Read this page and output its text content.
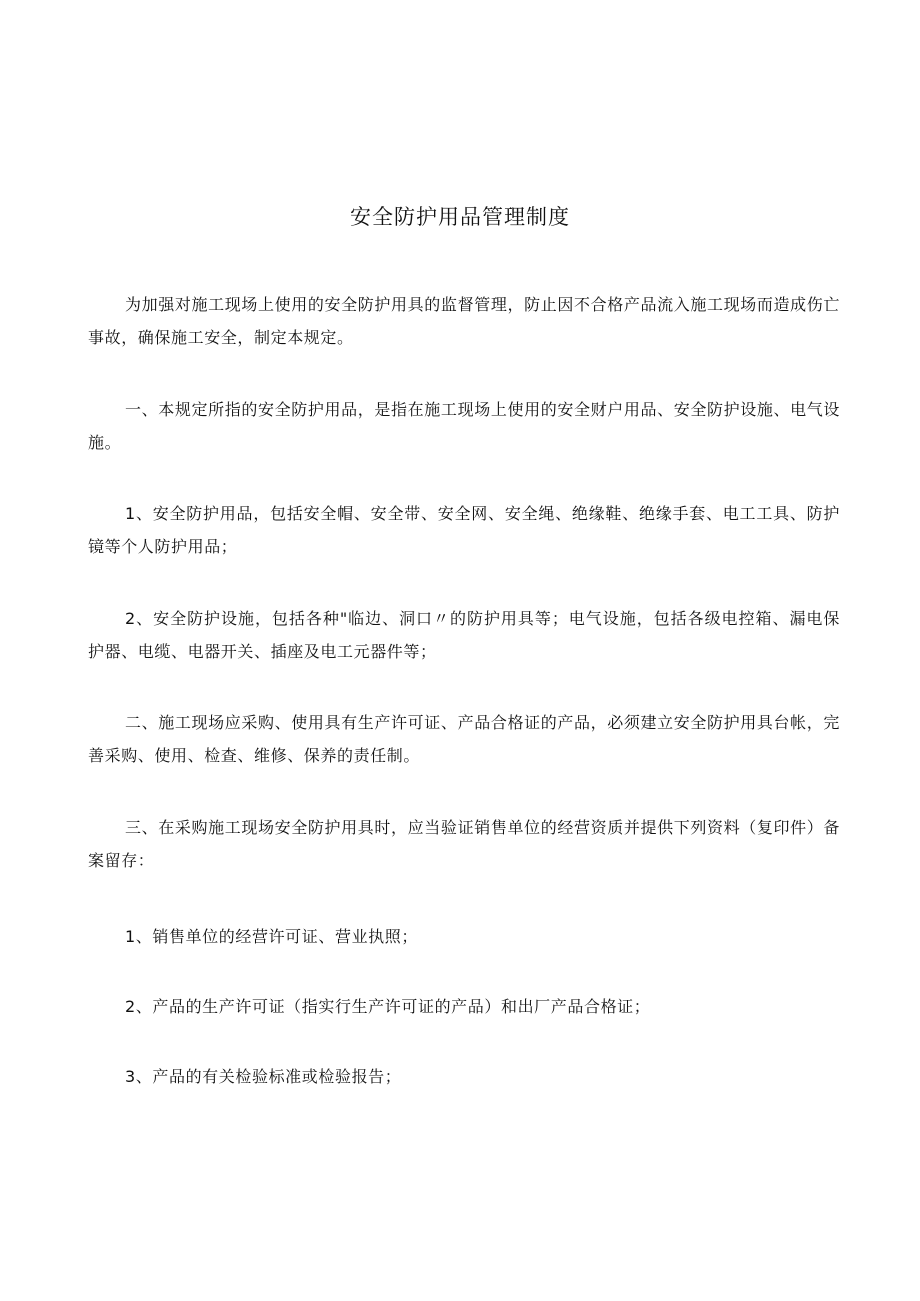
安全防护用品管理制度

为加强对施工现场上使用的安全防护用具的监督管理，防止因不合格产品流入施工现场而造成伤亡事故，确保施工安全，制定本规定。

一、本规定所指的安全防护用品，是指在施工现场上使用的安全财户用品、安全防护设施、电气设施。

1、安全防护用品，包括安全帽、安全带、安全网、安全绳、绝缘鞋、绝缘手套、电工工具、防护镜等个人防护用品；

2、安全防护设施，包括各种"临边、洞口〃的防护用具等；电气设施，包括各级电控箱、漏电保护器、电缆、电器开关、插座及电工元器件等；

二、施工现场应采购、使用具有生产许可证、产品合格证的产品，必须建立安全防护用具台帐，完善采购、使用、检查、维修、保养的责任制。

三、在采购施工现场安全防护用具时，应当验证销售单位的经营资质并提供下列资料（复印件）备案留存：

1、销售单位的经营许可证、营业执照；

2、产品的生产许可证（指实行生产许可证的产品）和出厂产品合格证；

3、产品的有关检验标准或检验报告；
